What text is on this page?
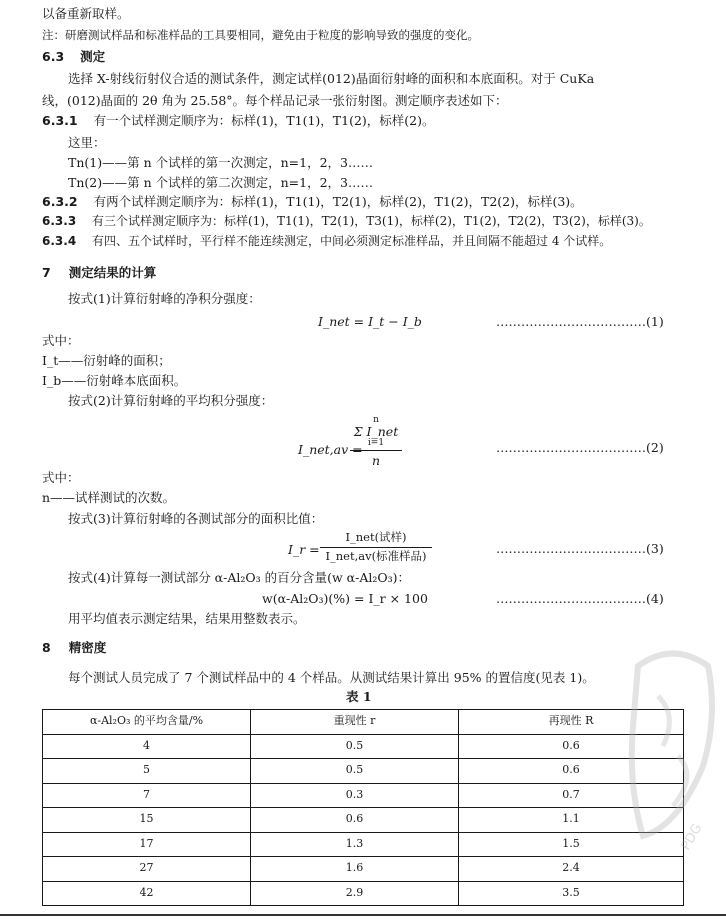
以备重新取样。
注：研磨测试样品和标准样品的工具要相同，避免由于粒度的影响导致的强度的变化。
6.3 测定
选择 X-射线衍射仪合适的测试条件，测定试样(012)晶面衍射峰的面积和本底面积。对于 CuKa
线，(012)晶面的 2θ 角为 25.58°。每个样品记录一张衍射图。测定顺序表述如下：
6.3.1 有一个试样测定顺序为：标样(1)，T1(1)，T1(2)，标样(2)。
这里：
Tn(1)——第 n 个试样的第一次测定，n=1，2，3……
Tn(2)——第 n 个试样的第二次测定，n=1，2，3……
6.3.2 有两个试样测定顺序为：标样(1)，T1(1)，T2(1)，标样(2)，T1(2)，T2(2)，标样(3)。
6.3.3 有三个试样测定顺序为：标样(1)，T1(1)，T2(1)，T3(1)，标样(2)，T1(2)，T2(2)，T3(2)，标样(3)。
6.3.4 有四、五个试样时，平行样不能连续测定，中间必须测定标准样品，并且间隔不能超过 4 个试样。
7 测定结果的计算
按式(1)计算衍射峰的净积分强度：
I_net = I_t − I_b	………………………………(1)
式中：
I_t——衍射峰的面积；
I_b——衍射峰本底面积。
按式(2)计算衍射峰的平均积分强度：
I_net,av =
n
Σ I_net
i=1
n
………………………………(2)
式中：
n——试样测试的次数。
按式(3)计算衍射峰的各测试部分的面积比值：
I_r =
I_net(试样)
I_net,av(标准样品)	………………………………(3)
按式(4)计算每一测试部分 α-Al₂O₃ 的百分含量(w α-Al₂O₃)：
w(α-Al₂O₃)(%) = I_r × 100	………………………………(4)
用平均值表示测定结果，结果用整数表示。
8 精密度
每个测试人员完成了 7 个测试样品中的 4 个样品。从测试结果计算出 95% 的置信度(见表 1)。
表 1
α-Al₂O₃ 的平均含量/%	重现性 r	再现性 R
4	0.5	0.6
5	0.5	0.6
7	0.3	0.7
15	0.6	1.1
17	1.3	1.5
27	1.6	2.4
42	2.9	3.5
PDG
